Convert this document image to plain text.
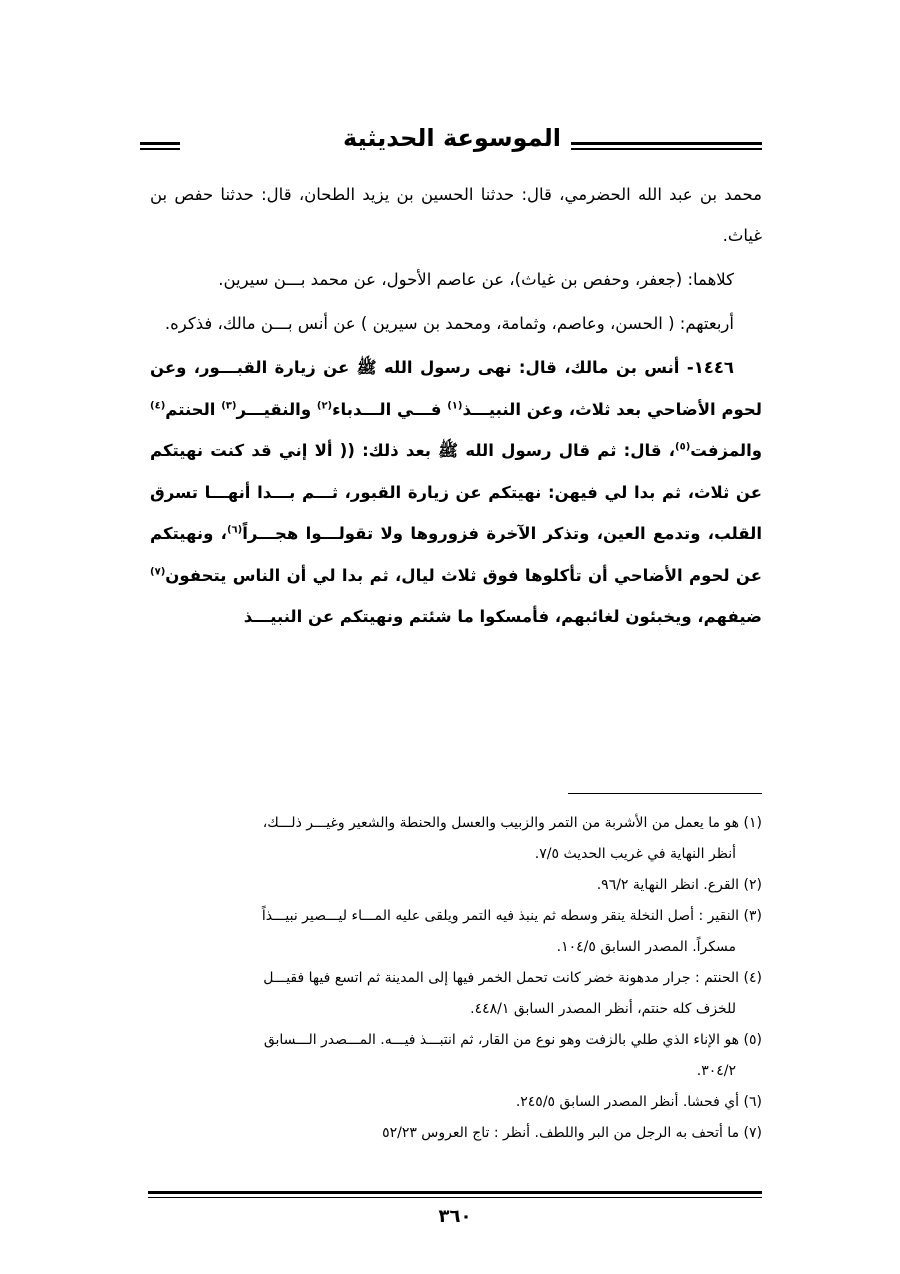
الموسوعة الحديثية

محمد بن عبد الله الحضرمي، قال: حدثنا الحسين بن يزيد الطحان، قال: حدثنا حفص بن غياث.

كلاهما: (جعفر، وحفص بن غياث)، عن عاصم الأحول، عن محمد بـــن سيرين.

أربعتهم: ( الحسن، وعاصم، وثمامة، ومحمد بن سيرين ) عن أنس بـــن مالك، فذكره.

١٤٤٦- أنس بن مالك، قال: نهى رسول الله ﷺ عن زيارة القبـــور، وعن لحوم الأضاحي بعد ثلاث، وعن النبيـــذ$^{(١)}$ فـــي الـــدباء$^{(٢)}$ والنقيـــر$^{(٣)}$ الحنتم$^{(٤)}$ والمزفت$^{(٥)}$، قال: ثم قال رسول الله ﷺ بعد ذلك: (( ألا إني قد كنت نهيتكم عن ثلاث، ثم بدا لي فيهن: نهيتكم عن زيارة القبور، ثـــم بـــدا أنهـــا تسرق القلب، وتدمع العين، وتذكر الآخرة فزوروها ولا تقولـــوا هجـــراً$^{(٦)}$، ونهيتكم عن لحوم الأضاحي أن تأكلوها فوق ثلاث ليال، ثم بدا لي أن الناس يتحفون$^{(٧)}$ ضيفهم، ويخبئون لغائبهم، فأمسكوا ما شئتم ونهيتكم عن النبيـــذ

(١) هو ما يعمل من الأشربة من التمر والزبيب والعسل والحنطة والشعير وغيـــر ذلـــك،
أنظر النهاية في غريب الحديث ٧/٥.

(٢) القرع. انظر النهاية ٩٦/٢.

(٣) النقير : أصل النخلة ينقر وسطه ثم ينبذ فيه التمر ويلقى عليه المـــاء ليـــصير نبيـــذاً
مسكراً. المصدر السابق ١٠٤/٥.

(٤) الحنتم : جرار مدهونة خضر كانت تحمل الخمر فيها إلى المدينة ثم اتسع فيها فقيـــل
للخزف كله حنتم، أنظر المصدر السابق ٤٤٨/١.

(٥) هو الإناء الذي طلي بالزفت وهو نوع من القار، ثم انتبـــذ فيـــه. المـــصدر الـــسابق
٣٠٤/٢.

(٦) أي فحشا. أنظر المصدر السابق ٢٤٥/٥.

(٧) ما أتحف به الرجل من البر واللطف. أنظر : تاج العروس ٥٢/٢٣

٣٦٠
